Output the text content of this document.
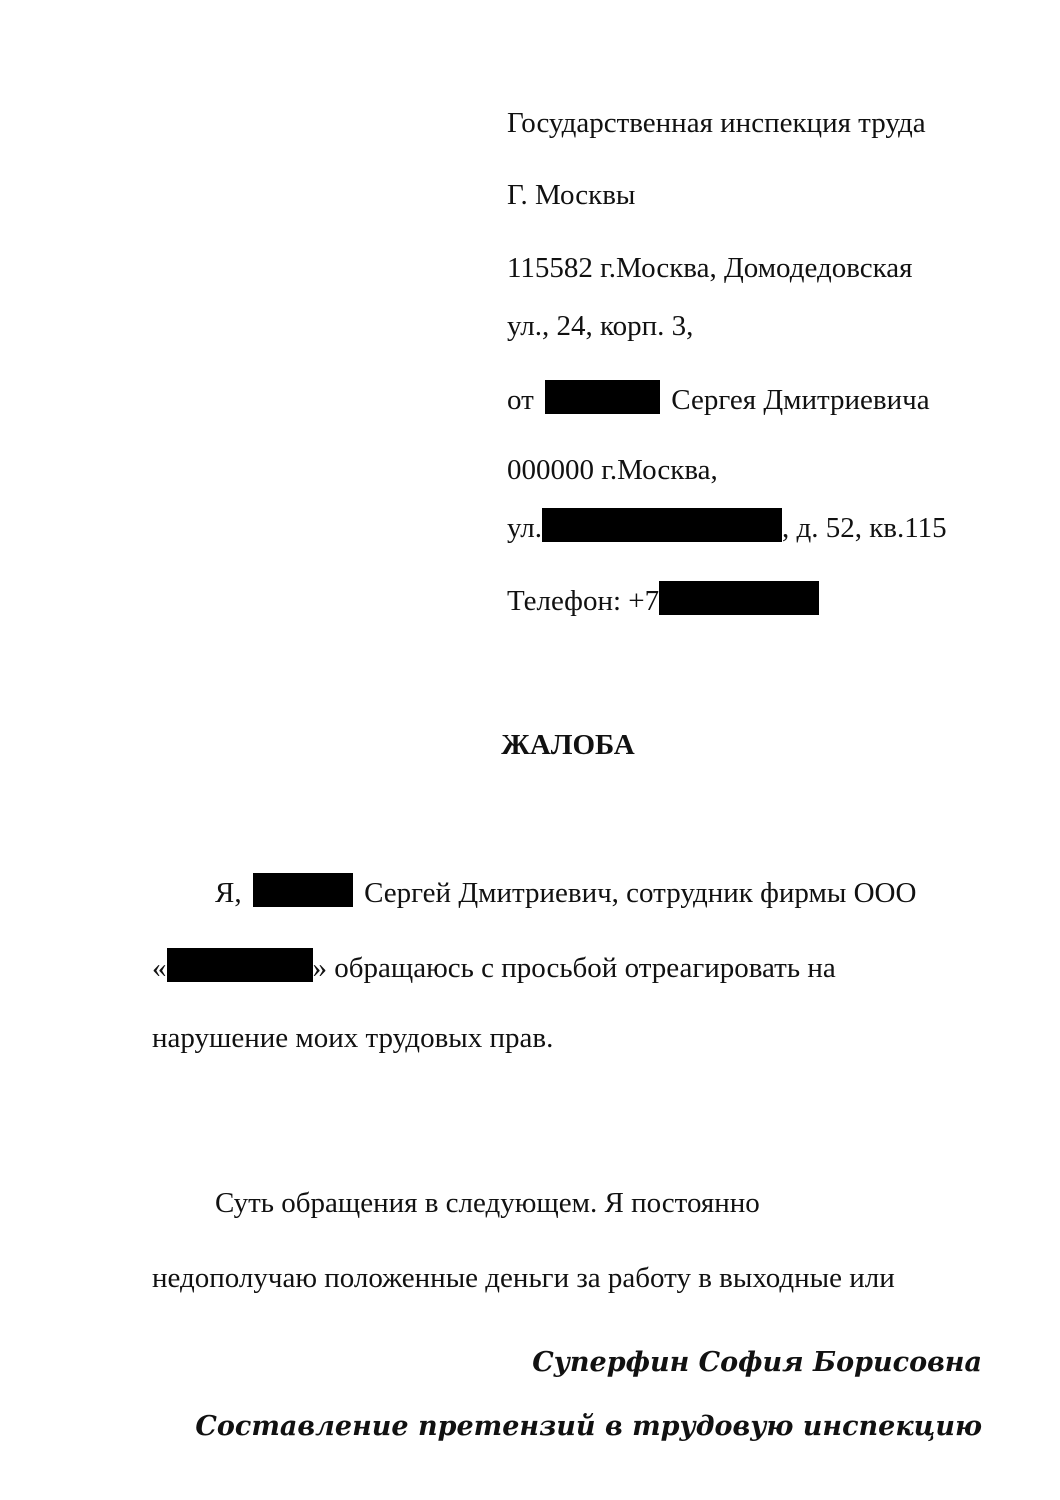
Государственная инспекция труда
Г. Москвы
115582 г.Москва, Домодедовская
ул., 24, корп. 3,
от	Сергея Дмитриевича
000000 г.Москва,
ул.	, д. 52, кв.115
Телефон: +7
ЖАЛОБА
Я,	Сергей Дмитриевич, сотрудник фирмы ООО
«	» обращаюсь с просьбой отреагировать на
нарушение моих трудовых прав.
Суть обращения в следующем. Я постоянно
недополучаю положенные деньги за работу в выходные или
Суперфин София Борисовна
Составление претензий в трудовую инспекцию
